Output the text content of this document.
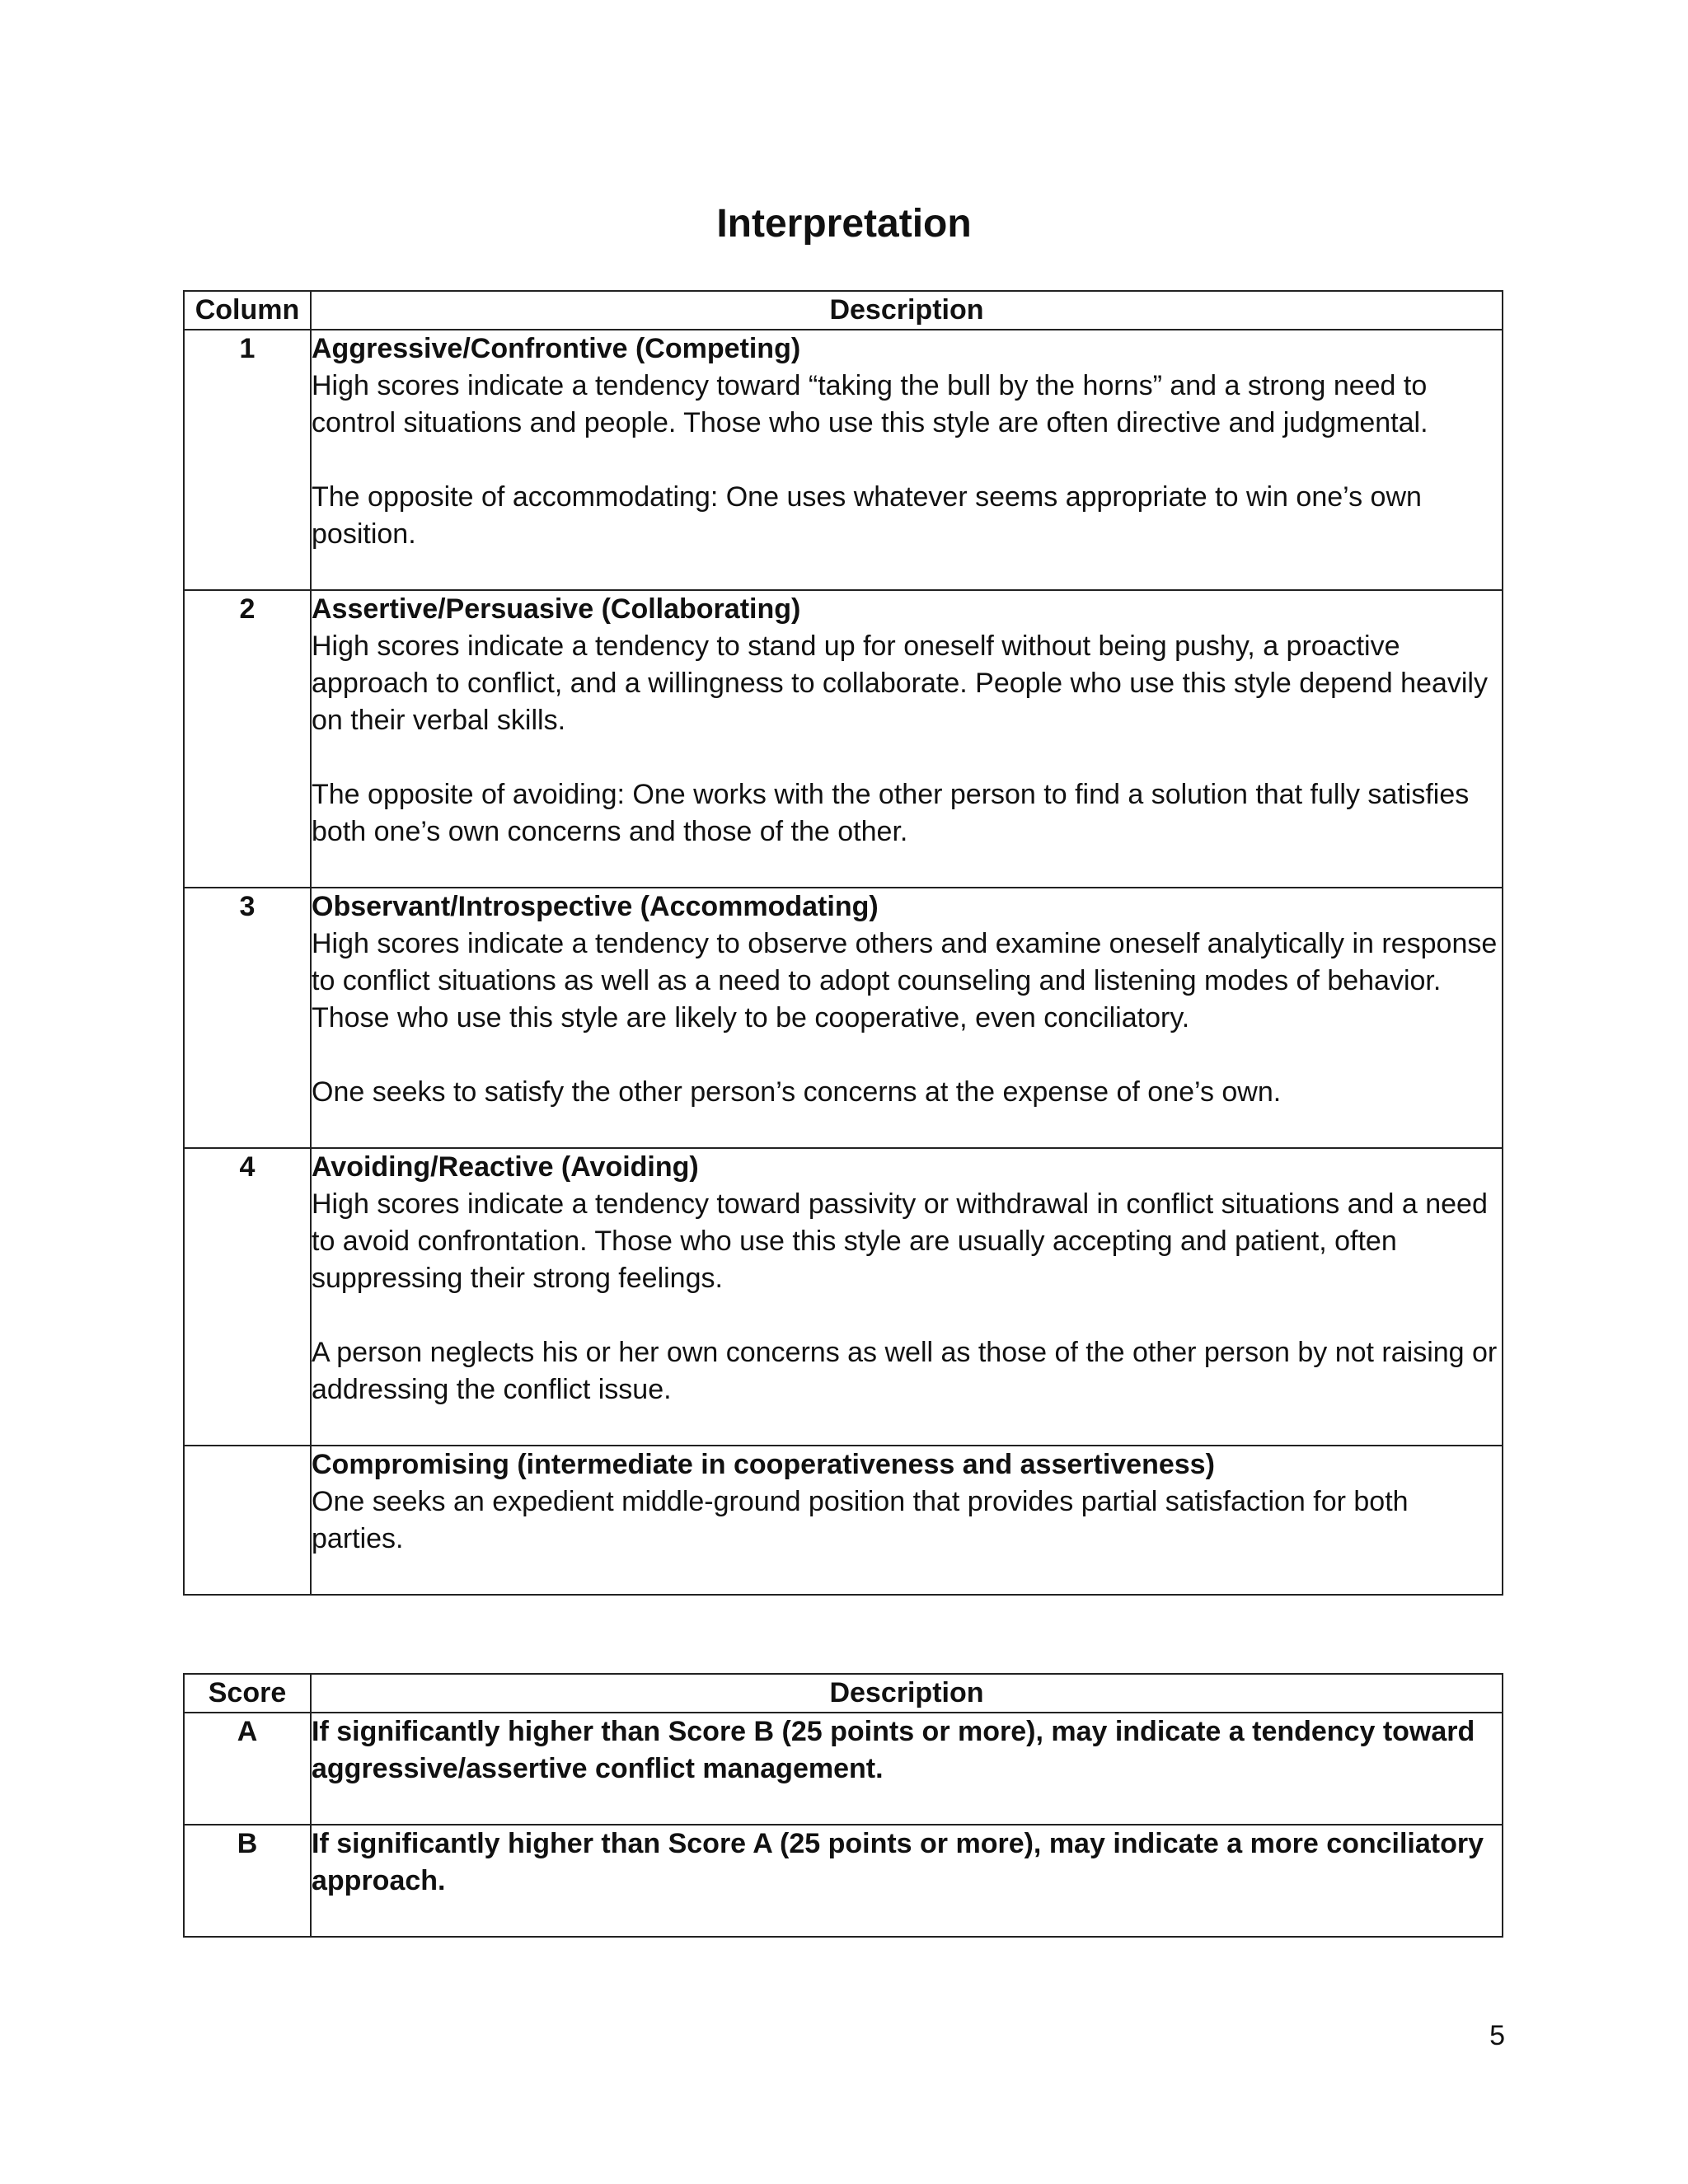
Interpretation
Column	Description
1	Aggressive/Confrontive (Competing)
High scores indicate a tendency toward “taking the bull by the horns” and a strong need to control situations and people. Those who use this style are often directive and judgmental.
The opposite of accommodating: One uses whatever seems appropriate to win one’s own position.

2	Assertive/Persuasive (Collaborating)
High scores indicate a tendency to stand up for oneself without being pushy, a proactive approach to conflict, and a willingness to collaborate. People who use this style depend heavily on their verbal skills.
The opposite of avoiding: One works with the other person to find a solution that fully satisfies both one’s own concerns and those of the other.

3	Observant/Introspective (Accommodating)
High scores indicate a tendency to observe others and examine oneself analytically in response to conflict situations as well as a need to adopt counseling and listening modes of behavior. Those who use this style are likely to be cooperative, even conciliatory.
One seeks to satisfy the other person’s concerns at the expense of one’s own.

4	Avoiding/Reactive (Avoiding)
High scores indicate a tendency toward passivity or withdrawal in conflict situations and a need to avoid confrontation. Those who use this style are usually accepting and patient, often suppressing their strong feelings.
A person neglects his or her own concerns as well as those of the other person by not raising or addressing the conflict issue.

	Compromising (intermediate in cooperativeness and assertiveness)
One seeks an expedient middle-ground position that provides partial satisfaction for both parties.
Score	Description
A	If significantly higher than Score B (25 points or more), may indicate a tendency toward aggressive/assertive conflict management.

B	If significantly higher than Score A (25 points or more), may indicate a more conciliatory approach.
5
